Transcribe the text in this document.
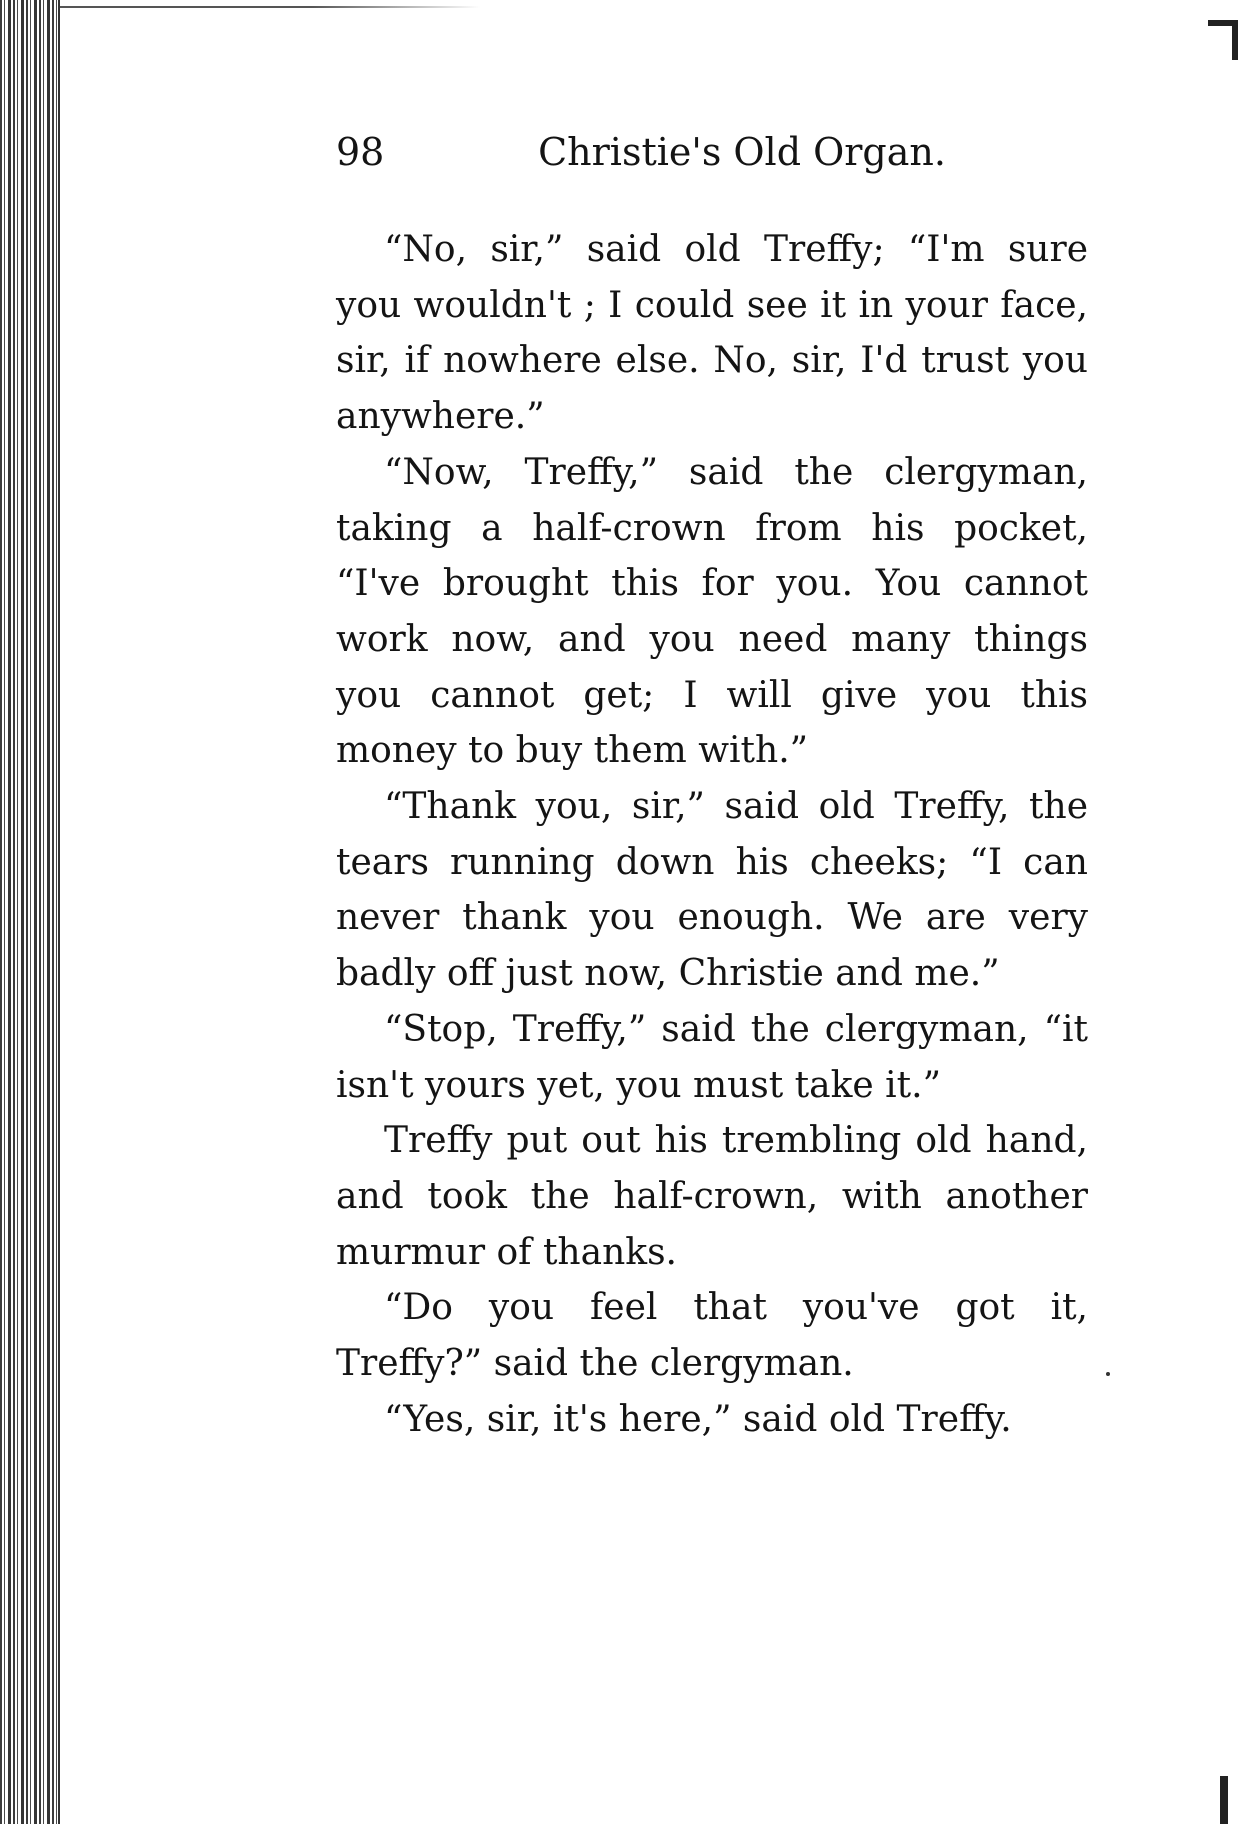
98	Christie's Old Organ.

“No, sir,” said old Treffy; “I'm sure you wouldn't ; I could see it in your face, sir, if nowhere else. No, sir, I'd trust you anywhere.”

“Now, Treffy,” said the clergyman, taking a half-crown from his pocket, “I've brought this for you. You cannot work now, and you need many things you cannot get; I will give you this money to buy them with.”

“Thank you, sir,” said old Treffy, the tears running down his cheeks; “I can never thank you enough. We are very badly off just now, Christie and me.”

“Stop, Treffy,” said the clergyman, “it isn't yours yet, you must take it.”

Treffy put out his trembling old hand, and took the half-crown, with another murmur of thanks.

“Do you feel that you've got it, Treffy?” said the clergyman.

“Yes, sir, it's here,” said old Treffy.
